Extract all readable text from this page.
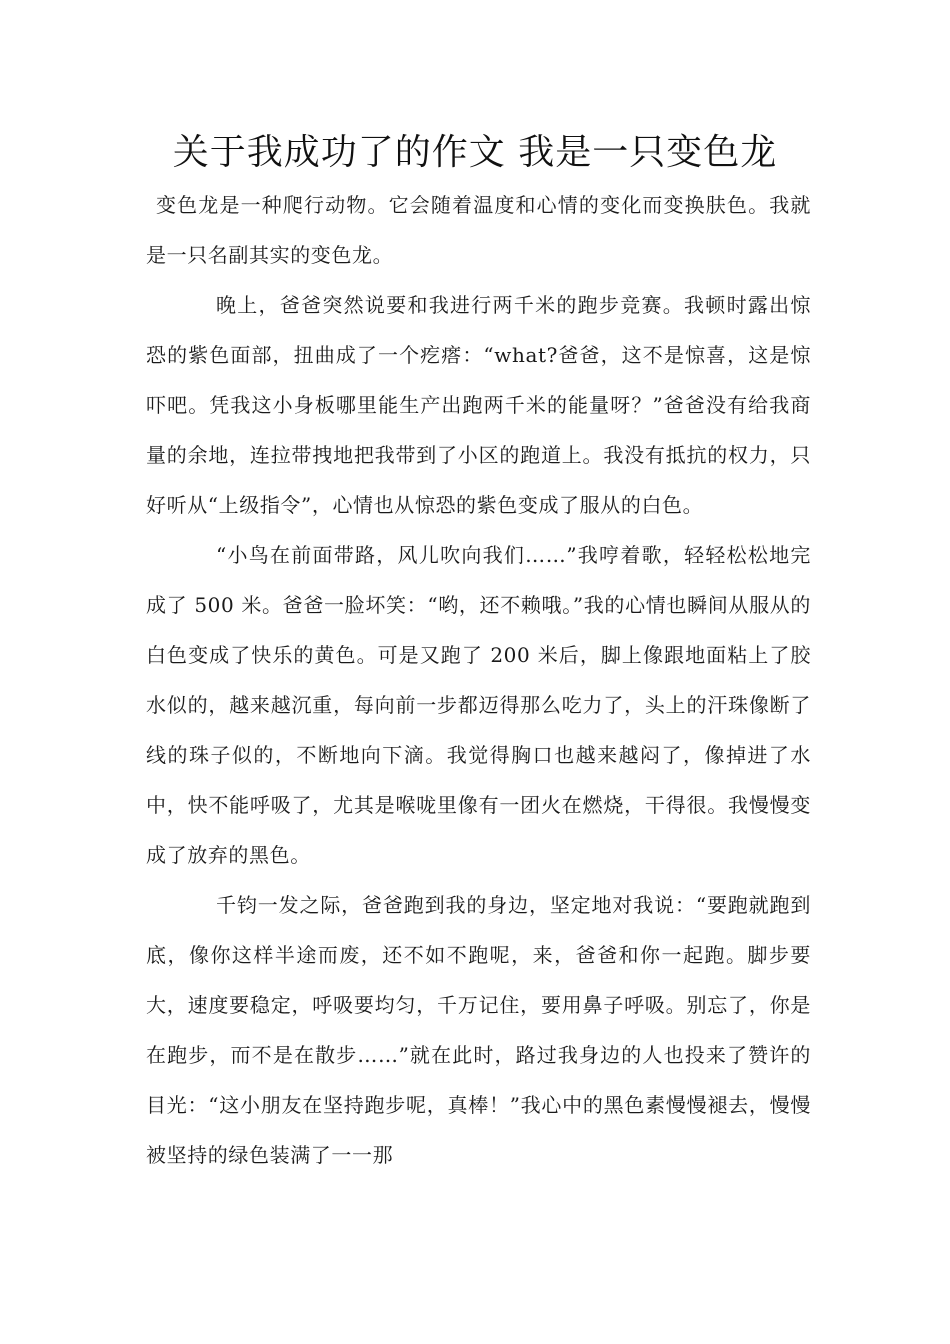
关于我成功了的作文 我是一只变色龙

变色龙是一种爬行动物。它会随着温度和心情的变化而变换肤色。我就是一只名副其实的变色龙。

晚上，爸爸突然说要和我进行两千米的跑步竞赛。我顿时露出惊恐的紫色面部，扭曲成了一个疙瘩：“what?爸爸，这不是惊喜，这是惊吓吧。凭我这小身板哪里能生产出跑两千米的能量呀？”爸爸没有给我商量的余地，连拉带拽地把我带到了小区的跑道上。我没有抵抗的权力，只好听从“上级指令”，心情也从惊恐的紫色变成了服从的白色。

“小鸟在前面带路，风儿吹向我们……”我哼着歌，轻轻松松地完成了 500 米。爸爸一脸坏笑：“哟，还不赖哦。”我的心情也瞬间从服从的白色变成了快乐的黄色。可是又跑了 200 米后，脚上像跟地面粘上了胶水似的，越来越沉重，每向前一步都迈得那么吃力了，头上的汗珠像断了线的珠子似的，不断地向下滴。我觉得胸口也越来越闷了，像掉进了水中，快不能呼吸了，尤其是喉咙里像有一团火在燃烧，干得很。我慢慢变成了放弃的黑色。

千钧一发之际，爸爸跑到我的身边，坚定地对我说：“要跑就跑到底，像你这样半途而废，还不如不跑呢，来，爸爸和你一起跑。脚步要大，速度要稳定，呼吸要均匀，千万记住，要用鼻子呼吸。别忘了，你是在跑步，而不是在散步……”就在此时，路过我身边的人也投来了赞许的目光：“这小朋友在坚持跑步呢，真棒！”我心中的黑色素慢慢褪去，慢慢被坚持的绿色装满了一一那
